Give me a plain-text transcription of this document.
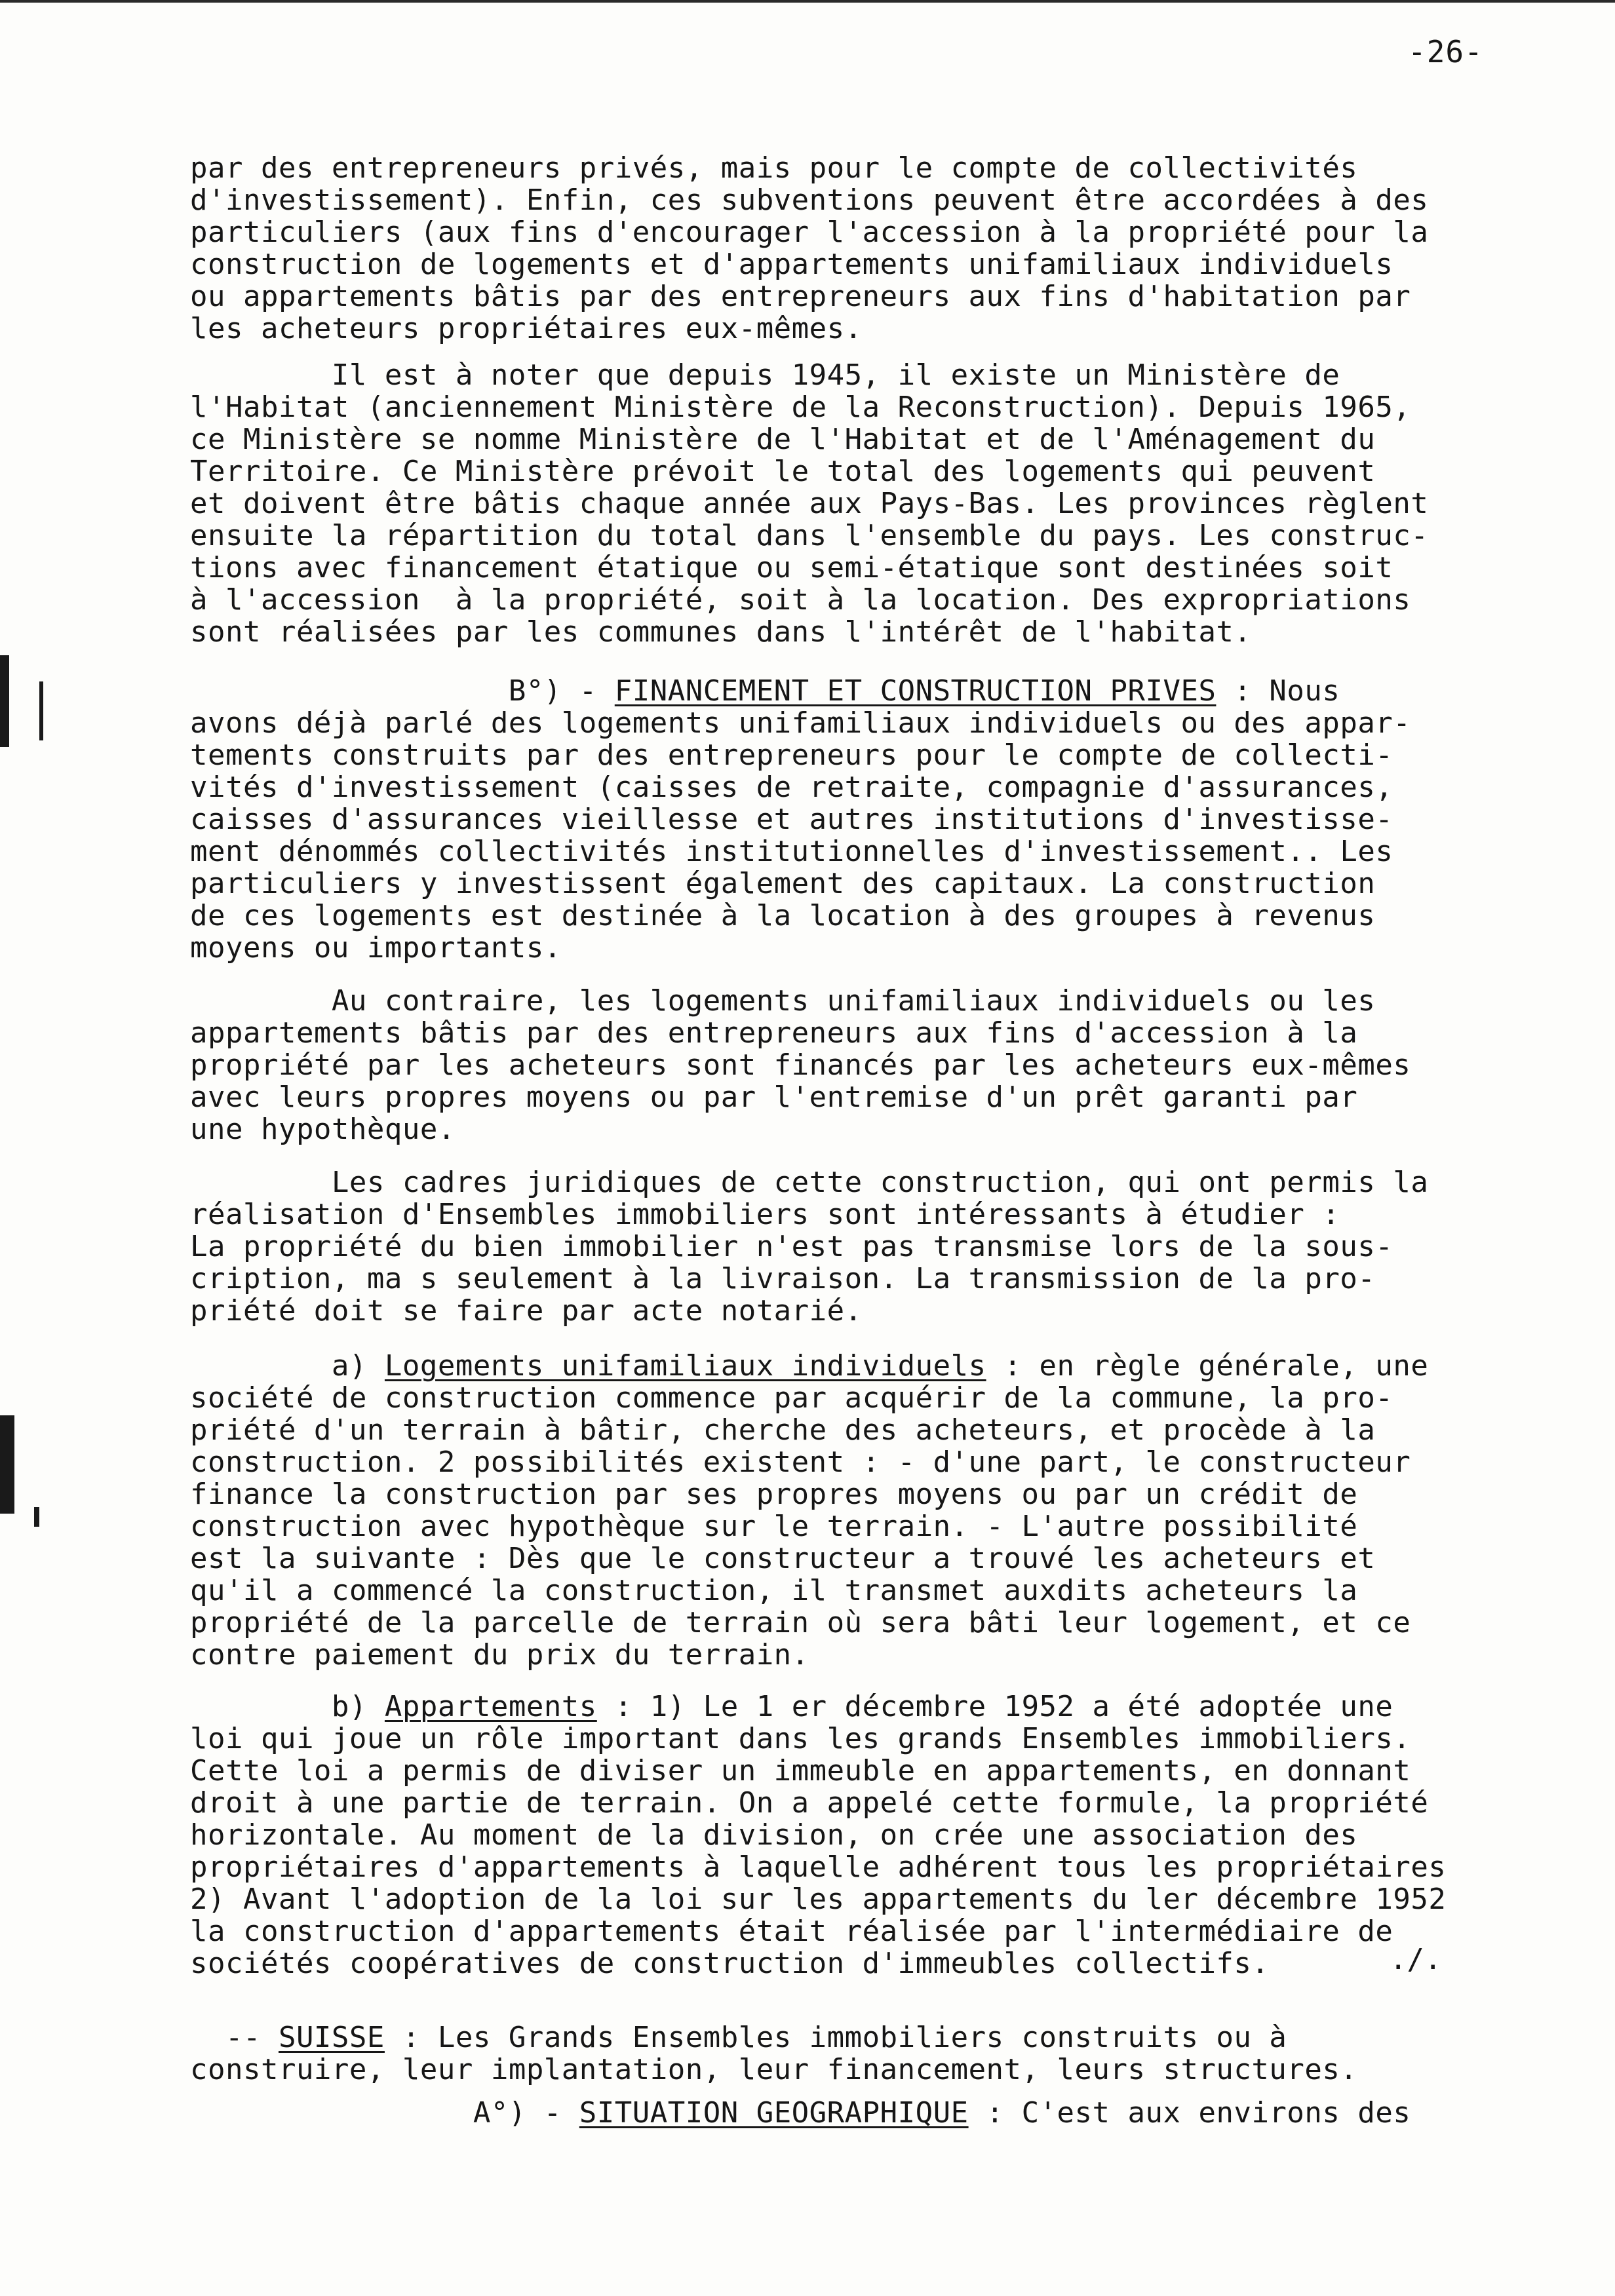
-26-
par des entrepreneurs privés, mais pour le compte de collectivités
d'investissement). Enfin, ces subventions peuvent être accordées à des
particuliers (aux fins d'encourager l'accession à la propriété pour la
construction de logements et d'appartements unifamiliaux individuels
ou appartements bâtis par des entrepreneurs aux fins d'habitation par
les acheteurs propriétaires eux-mêmes.
Il est à noter que depuis 1945, il existe un Ministère de
l'Habitat (anciennement Ministère de la Reconstruction). Depuis 1965,
ce Ministère se nomme Ministère de l'Habitat et de l'Aménagement du
Territoire. Ce Ministère prévoit le total des logements qui peuvent
et doivent être bâtis chaque année aux Pays-Bas. Les provinces règlent
ensuite la répartition du total dans l'ensemble du pays. Les construc-
tions avec financement étatique ou semi-étatique sont destinées soit
à l'accession  à la propriété, soit à la location. Des expropriations
sont réalisées par les communes dans l'intérêt de l'habitat.
B°) - FINANCEMENT ET CONSTRUCTION PRIVES : Nous
avons déjà parlé des logements unifamiliaux individuels ou des appar-
tements construits par des entrepreneurs pour le compte de collecti-
vités d'investissement (caisses de retraite, compagnie d'assurances,
caisses d'assurances vieillesse et autres institutions d'investisse-
ment dénommés collectivités institutionnelles d'investissement.. Les
particuliers y investissent également des capitaux. La construction
de ces logements est destinée à la location à des groupes à revenus
moyens ou importants.
Au contraire, les logements unifamiliaux individuels ou les
appartements bâtis par des entrepreneurs aux fins d'accession à la
propriété par les acheteurs sont financés par les acheteurs eux-mêmes
avec leurs propres moyens ou par l'entremise d'un prêt garanti par
une hypothèque.
Les cadres juridiques de cette construction, qui ont permis la
réalisation d'Ensembles immobiliers sont intéressants à étudier :
La propriété du bien immobilier n'est pas transmise lors de la sous-
cription, ma s seulement à la livraison. La transmission de la pro-
priété doit se faire par acte notarié.
a) Logements unifamiliaux individuels : en règle générale, une
société de construction commence par acquérir de la commune, la pro-
priété d'un terrain à bâtir, cherche des acheteurs, et procède à la
construction. 2 possibilités existent : - d'une part, le constructeur
finance la construction par ses propres moyens ou par un crédit de
construction avec hypothèque sur le terrain. - L'autre possibilité
est la suivante : Dès que le constructeur a trouvé les acheteurs et
qu'il a commencé la construction, il transmet auxdits acheteurs la
propriété de la parcelle de terrain où sera bâti leur logement, et ce
contre paiement du prix du terrain.
b) Appartements : 1) Le 1 er décembre 1952 a été adoptée une
loi qui joue un rôle important dans les grands Ensembles immobiliers.
Cette loi a permis de diviser un immeuble en appartements, en donnant
droit à une partie de terrain. On a appelé cette formule, la propriété
horizontale. Au moment de la division, on crée une association des
propriétaires d'appartements à laquelle adhérent tous les propriétaires
2) Avant l'adoption de la loi sur les appartements du ler décembre 1952
la construction d'appartements était réalisée par l'intermédiaire de
sociétés coopératives de construction d'immeubles collectifs.
-- SUISSE : Les Grands Ensembles immobiliers construits ou à
construire, leur implantation, leur financement, leurs structures.
A°) - SITUATION GEOGRAPHIQUE : C'est aux environs des
./.
